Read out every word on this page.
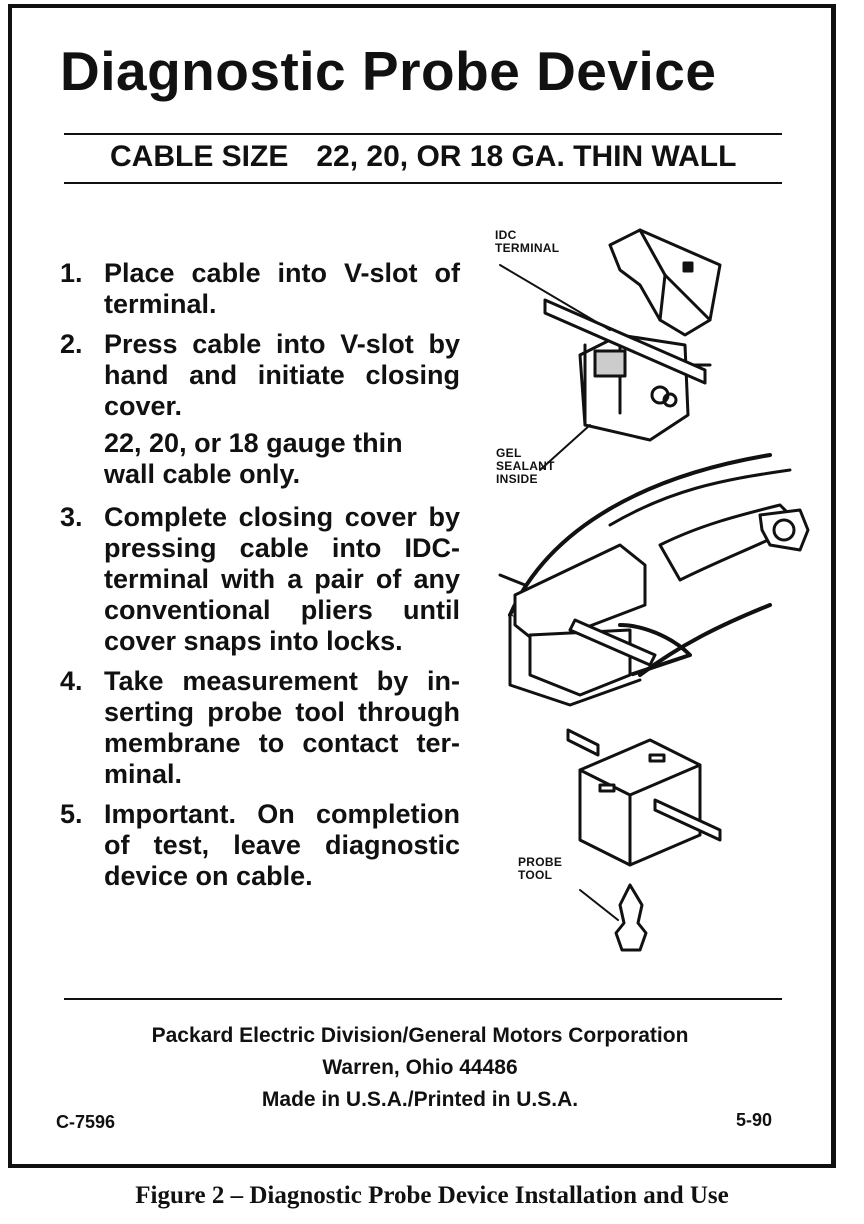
Diagnostic Probe Device
CABLE SIZE 22, 20, OR 18 GA. THIN WALL
1. Place cable into V-slot of terminal.
2. Press cable into V-slot by hand and initiate closing cover.
22, 20, or 18 gauge thin wall cable only.
3. Complete closing cover by pressing cable into IDC-terminal with a pair of any conventional pliers until cover snaps into locks.
4. Take measurement by in-serting probe tool through membrane to contact ter-minal.
5. Important. On completion of test, leave diagnostic device on cable.
IDC
TERMINAL
GEL
SEALANT
INSIDE
PROBE
TOOL
Packard Electric Division/General Motors Corporation
Warren, Ohio 44486
Made in U.S.A./Printed in U.S.A.
C-7596	5-90
Figure 2 – Diagnostic Probe Device Installation and Use
